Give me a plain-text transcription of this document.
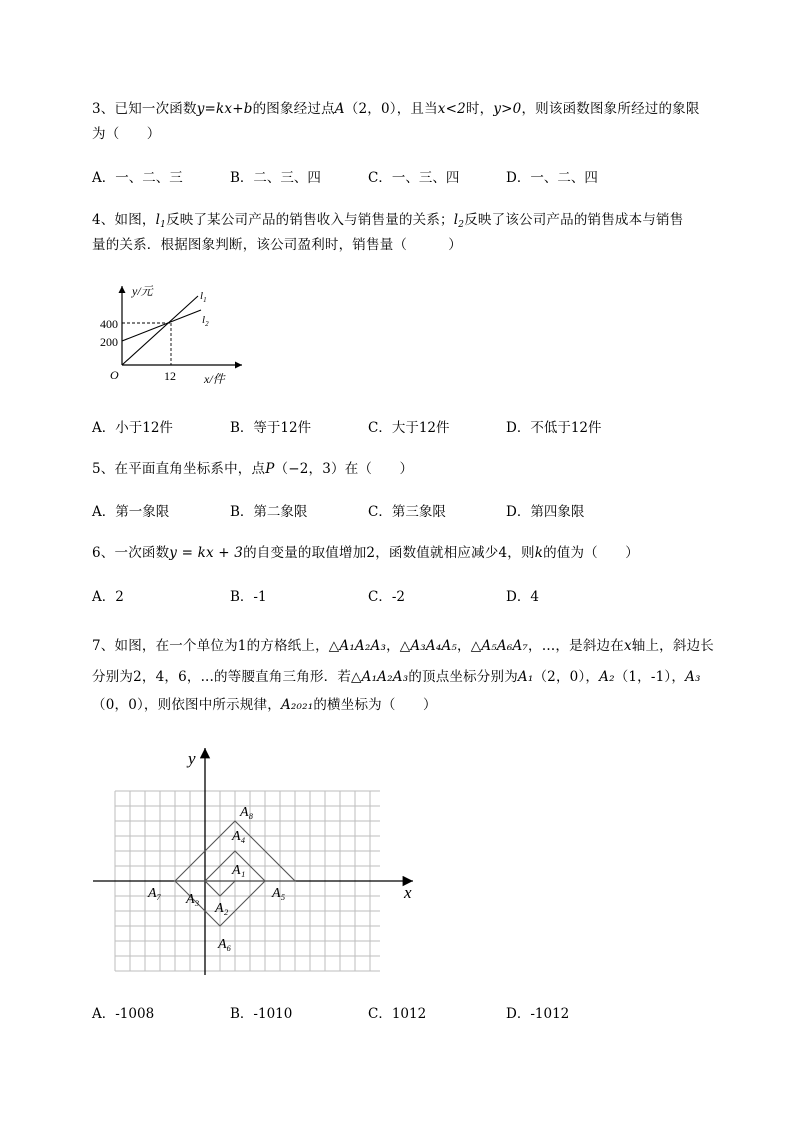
3、已知一次函数y=kx+b的图象经过点A（2，0），且当x<2时，y>0，则该函数图象所经过的象限
为（　　）
A．一、二、三	B．二、三、四	C．一、三、四	D．一、二、四
4、如图，$l_1$反映了某公司产品的销售收入与销售量的关系；$l_2$反映了该公司产品的销售成本与销售
量的关系．根据图象判断，该公司盈利时，销售量（　　　）
y/元
x/件
O
400
200
12
$l_1$
$l_2$
A．小于12件	B．等于12件	C．大于12件	D．不低于12件
5、在平面直角坐标系中，点P（−2，3）在（　　）
A．第一象限	B．第二象限	C．第三象限	D．第四象限
6、一次函数y = kx + 3的自变量的取值增加2，函数值就相应减少4，则k的值为（　　）
A．2	B．-1	C．-2	D．4
7、如图，在一个单位为1的方格纸上，△A₁A₂A₃，△A₃A₄A₅，△A₅A₆A₇，…，是斜边在x轴上，斜边长
分别为2，4，6，...的等腰直角三角形．若△A₁A₂A₃的顶点坐标分别为A₁（2，0），A₂（1，-1），A₃
（0，0），则依图中所示规律，A₂₀₂₁的横坐标为（　　）
y
x
A₈
A₄
A₁
A₇ A₃	A₅
A₂
A₆
A．-1008	B．-1010	C．1012	D．-1012
